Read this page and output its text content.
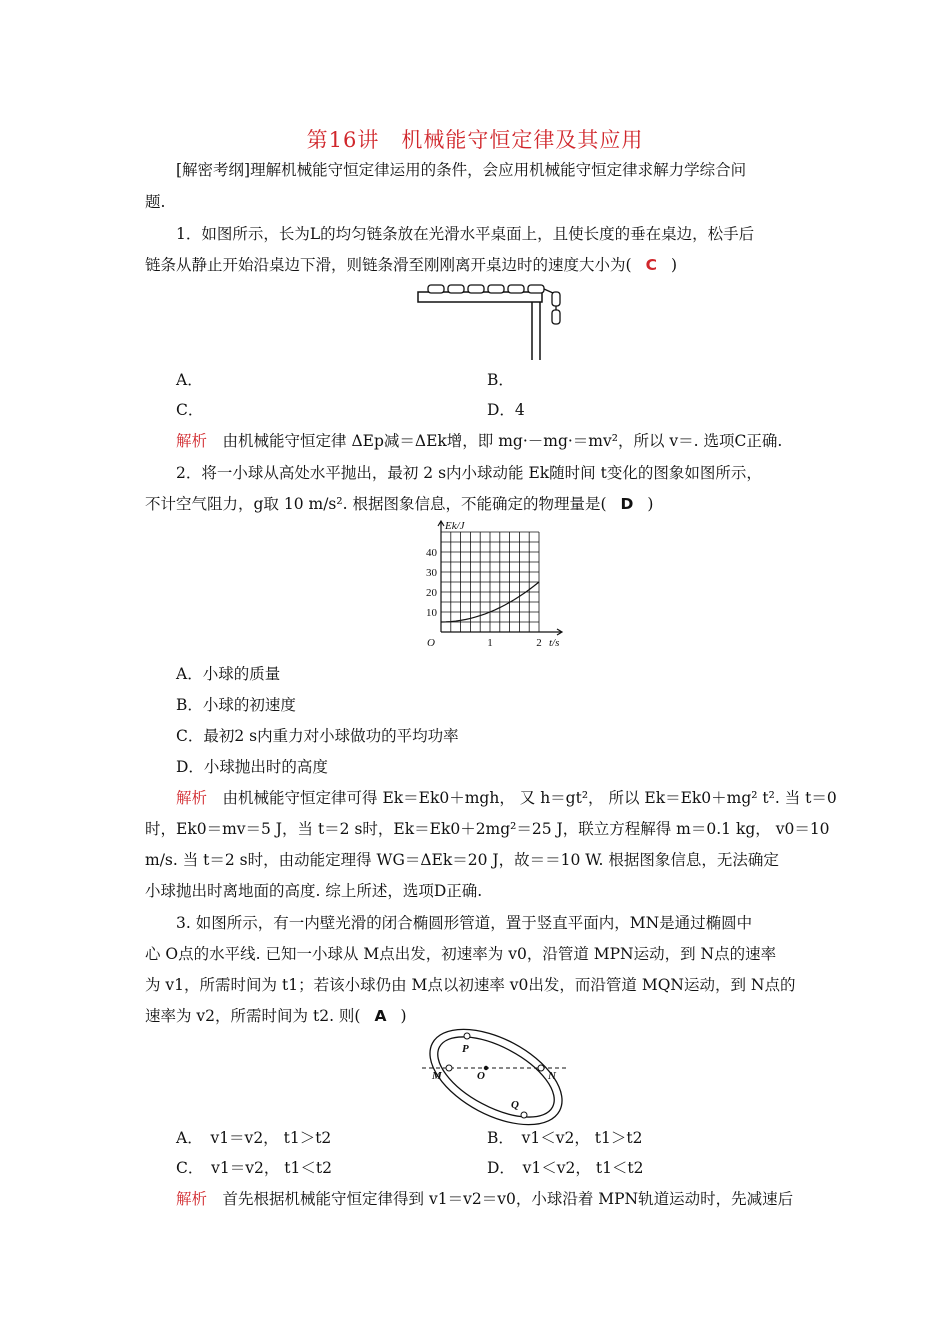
第16讲　机械能守恒定律及其应用
[解密考纲]理解机械能守恒定律运用的条件，会应用机械能守恒定律求解力学综合问
题.
1．如图所示，长为L的均匀链条放在光滑水平桌面上，且使长度的垂在桌边，松手后
链条从静止开始沿桌边下滑，则链条滑至刚刚离开桌边时的速度大小为( C )
A．	B．
C．	D．4
解析　 由机械能守恒定律 ΔEp减＝ΔEk增，即 mg·－mg·＝mv²，所以 v＝. 选项C正确.
2．将一小球从高处水平抛出，最初 2 s内小球动能 Ek随时间 t变化的图象如图所示，
不计空气阻力，g取 10 m/s². 根据图象信息，不能确定的物理量是( D )
10
20
30
40
1	2
O	t/s
Ek/J
A．小球的质量
B．小球的初速度
C．最初2 s内重力对小球做功的平均功率
D．小球抛出时的高度
解析　 由机械能守恒定律可得 Ek＝Ek0＋mgh， 又 h＝gt²， 所以 Ek＝Ek0＋mg² t². 当 t＝0
时，Ek0＝mv＝5 J，当 t＝2 s时，Ek＝Ek0＋2mg²＝25 J，联立方程解得 m＝0.1 kg， v0＝10
m/s. 当 t＝2 s时，由动能定理得 WG＝ΔEk＝20 J，故＝＝10 W. 根据图象信息，无法确定
小球抛出时离地面的高度. 综上所述，选项D正确.
3. 如图所示，有一内壁光滑的闭合椭圆形管道，置于竖直平面内，MN是通过椭圆中
心 O点的水平线. 已知一小球从 M点出发，初速率为 v0，沿管道 MPN运动，到 N点的速率
为 v1，所需时间为 t1；若该小球仍由 M点以初速率 v0出发，而沿管道 MQN运动，到 N点的
速率为 v2，所需时间为 t2. 则( A )
P
M	O	N
Q
A．　v1＝v2， t1＞t2	B．　v1＜v2， t1＞t2
C．　v1＝v2， t1＜t2	D．　v1＜v2， t1＜t2
解析　 首先根据机械能守恒定律得到 v1＝v2＝v0，小球沿着 MPN轨道运动时，先减速后
